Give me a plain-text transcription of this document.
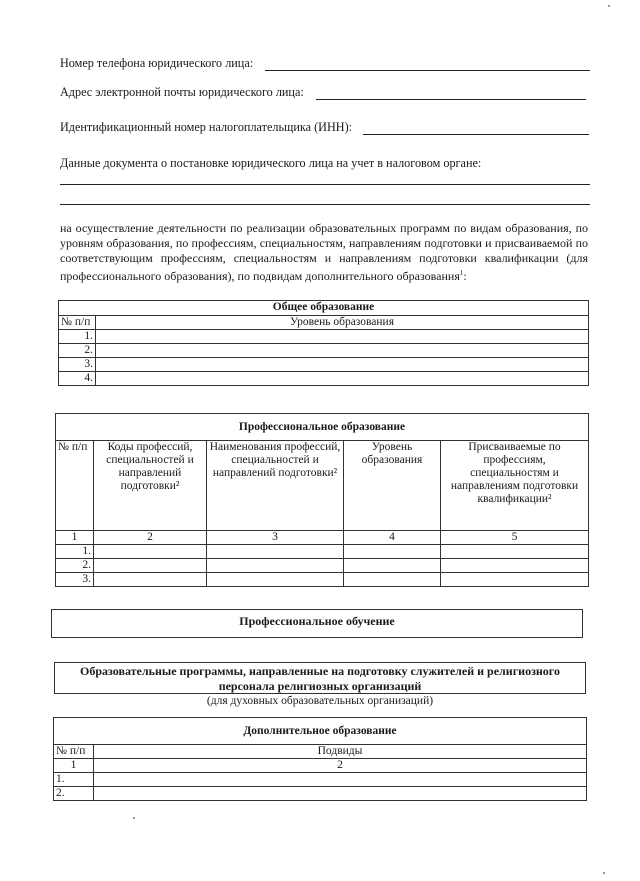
Номер телефона юридического лица:
Адрес электронной почты юридического лица:
Идентификационный номер налогоплательщика (ИНН):
Данные документа о постановке юридического лица на учет в налоговом органе:
на осуществление деятельности по реализации образовательных программ по видам образования, по уровням образования, по профессиям, специальностям, направлениям подготовки и присваиваемой по соответствующим профессиям, специальностям и направлениям подготовки квалификации (для профессионального образования), по подвидам дополнительного образования$^1$:
Общее образование	
№ п/п	Уровень образования
1.	
2.	
3.	
4.	
Профессиональное образование				
№ п/п	Коды профессий, специальностей и направлений подготовки²	Наименования профессий, специальностей и направлений подготовки²	Уровень образования	Присваиваемые по профессиям, специальностям и направлениям подготовки квалификации²
1	2	3	4	5
1.				
2.				
3.				
Профессиональное обучение
Образовательные программы, направленные на подготовку служителей и религиозного персонала религиозных организаций
(для духовных образовательных организаций)
Дополнительное образование	
№ п/п	Подвиды
1	2
1.	
2.	
